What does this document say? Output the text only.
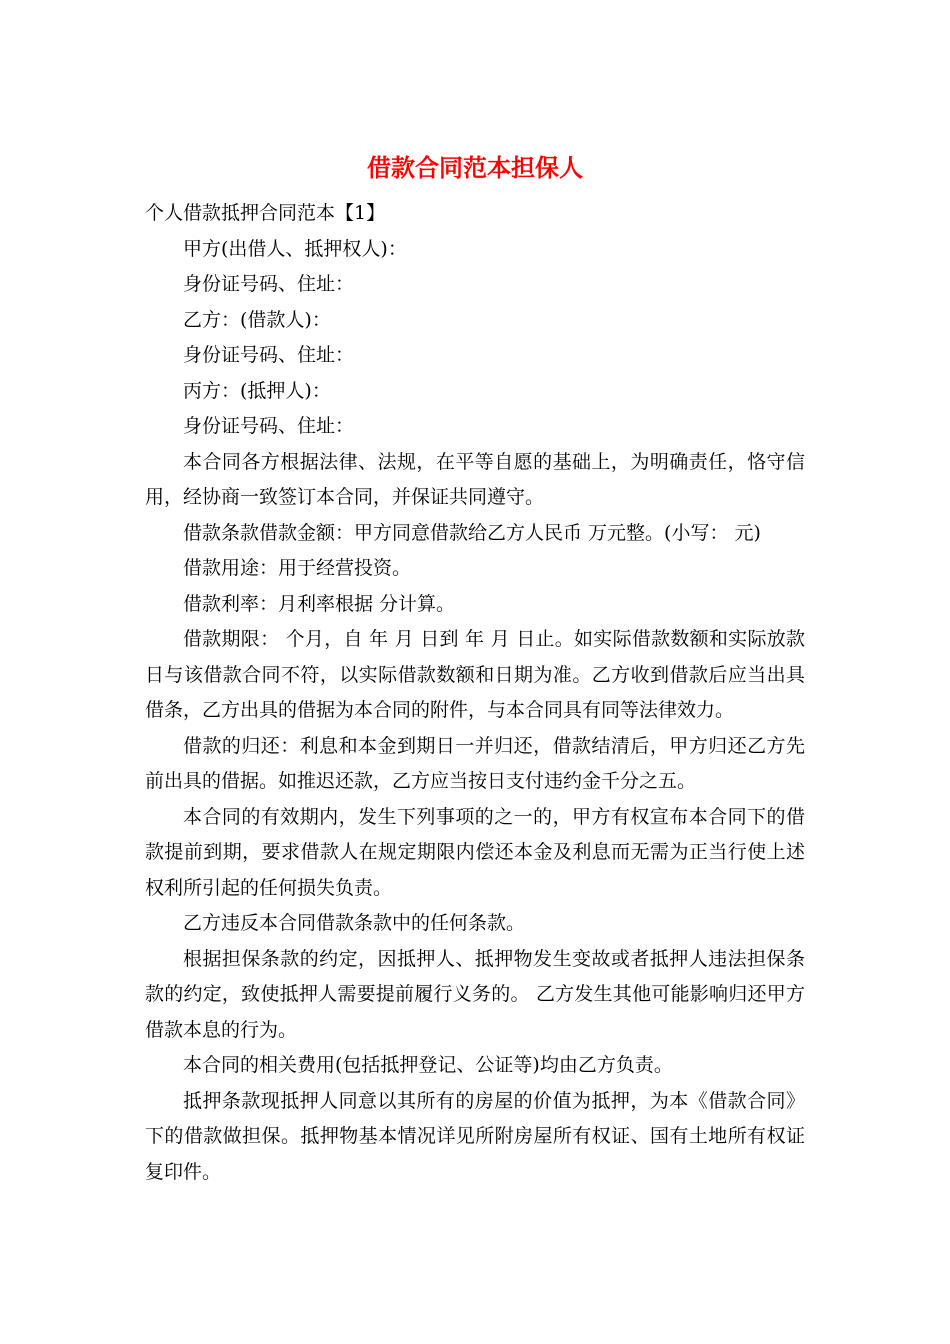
借款合同范本担保人

个人借款抵押合同范本【1】

甲方(出借人、抵押权人)：

身份证号码、住址：

乙方：(借款人)：

身份证号码、住址：

丙方：(抵押人)：

身份证号码、住址：

本合同各方根据法律、法规，在平等自愿的基础上，为明确责任，恪守信用，经协商一致签订本合同，并保证共同遵守。

借款条款借款金额：甲方同意借款给乙方人民币 万元整。(小写： 元)

借款用途：用于经营投资。

借款利率：月利率根据 分计算。

借款期限： 个月，自 年 月 日到 年 月 日止。如实际借款数额和实际放款日与该借款合同不符，以实际借款数额和日期为准。乙方收到借款后应当出具借条，乙方出具的借据为本合同的附件，与本合同具有同等法律效力。

借款的归还：利息和本金到期日一并归还，借款结清后，甲方归还乙方先前出具的借据。如推迟还款，乙方应当按日支付违约金千分之五。

本合同的有效期内，发生下列事项的之一的，甲方有权宣布本合同下的借款提前到期，要求借款人在规定期限内偿还本金及利息而无需为正当行使上述权利所引起的任何损失负责。

乙方违反本合同借款条款中的任何条款。

根据担保条款的约定，因抵押人、抵押物发生变故或者抵押人违法担保条款的约定，致使抵押人需要提前履行义务的。 乙方发生其他可能影响归还甲方借款本息的行为。

本合同的相关费用(包括抵押登记、公证等)均由乙方负责。

抵押条款现抵押人同意以其所有的房屋的价值为抵押，为本《借款合同》下的借款做担保。抵押物基本情况详见所附房屋所有权证、国有土地所有权证复印件。
